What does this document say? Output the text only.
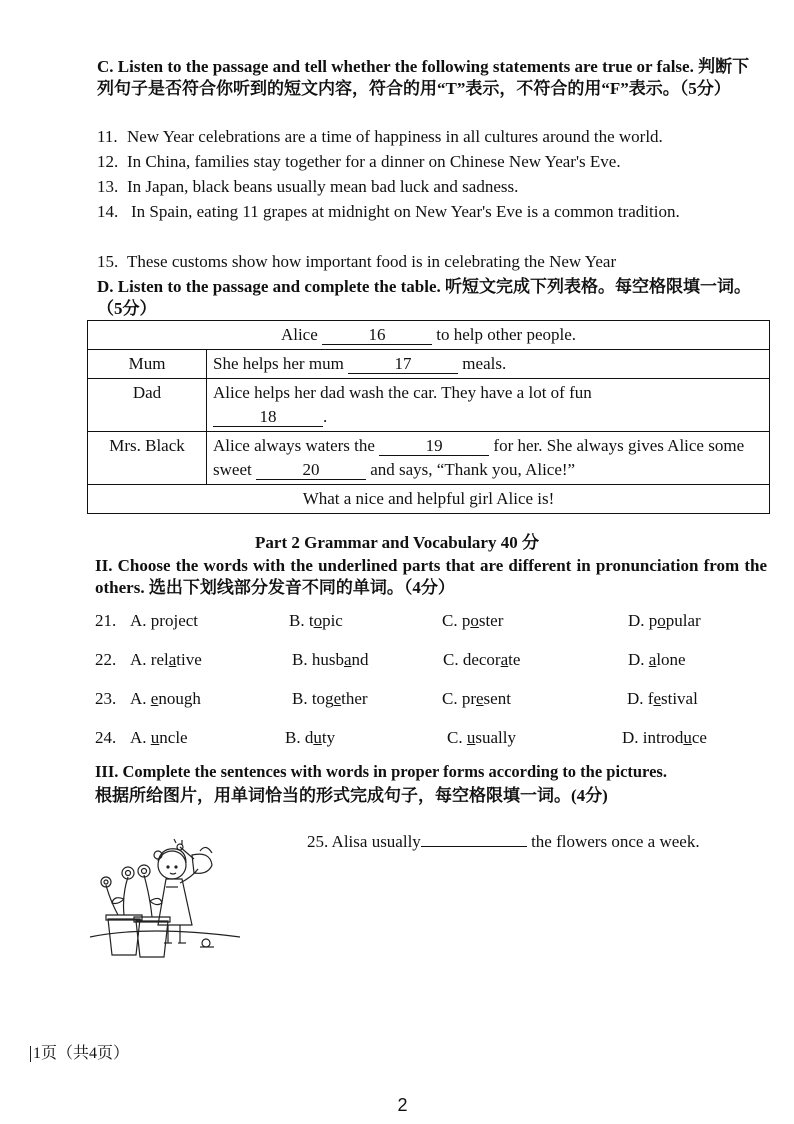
C. Listen to the passage and tell whether the following statements are true or false. 判断下列句子是否符合你听到的短文内容，符合的用“T”表示，不符合的用“F”表示。（5分）
11. New Year celebrations are a time of happiness in all cultures around the world.
12. In China, families stay together for a dinner on Chinese New Year's Eve.
13. In Japan, black beans usually mean bad luck and sadness.
14. In Spain, eating 11 grapes at midnight on New Year's Eve is a common tradition.
15. These customs show how important food is in celebrating the New Year
D. Listen to the passage and complete the table. 听短文完成下列表格。每空格限填一词。（5分）
Alice 16 to help other people.	
Mum	She helps her mum 17 meals.
Dad	Alice helps her dad wash the car. They have a lot of fun
18 .
Mrs. Black	Alice always waters the 19 for her. She always gives Alice some sweet 20 and says, “Thank you, Alice!”
What a nice and helpful girl Alice is!	
Part 2 Grammar and Vocabulary 40 分
II. Choose the words with the underlined parts that are different in pronunciation from the others. 选出下划线部分发音不同的单词。（4分）
21. A. project	B. topic	C. poster	D. popular
22. A. relative	B. husband	C. decorate	D. alone
23. A. enough	B. together	C. present	D. festival
24. A. uncle	B. duty	C. usually	D. introduce
III. Complete the sentences with words in proper forms according to the pictures.
根据所给图片，用单词恰当的形式完成句子，每空格限填一词。(4分)
25. Alisa usually	the flowers once a week.
1页（共4页）
2
